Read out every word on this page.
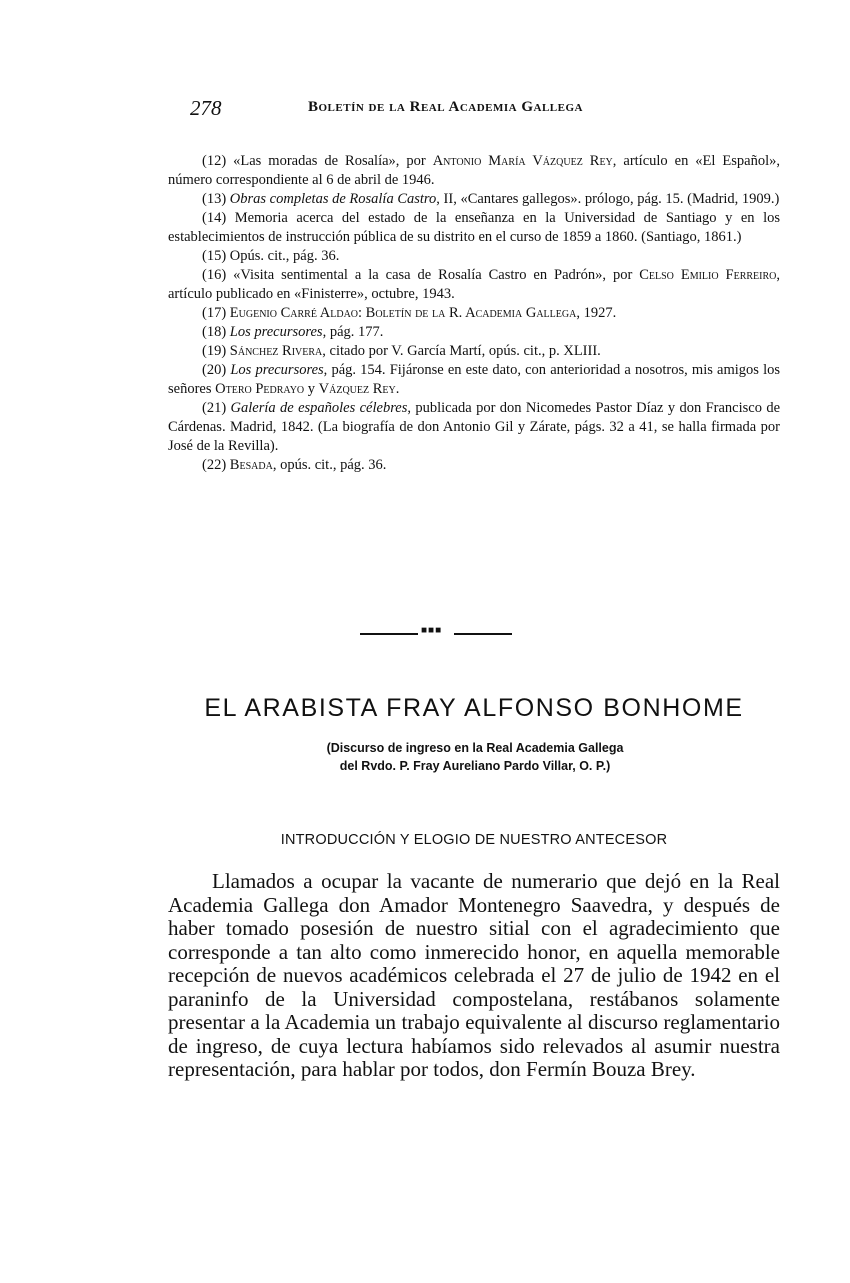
278	Boletín de la Real Academia Gallega

(12) «Las moradas de Rosalía», por Antonio María Vázquez Rey, artículo en «El Español», número correspondiente al 6 de abril de 1946.

(13) Obras completas de Rosalía Castro, II, «Cantares gallegos». prólogo, pág. 15. (Madrid, 1909.)

(14) Memoria acerca del estado de la enseñanza en la Universidad de Santiago y en los establecimientos de instrucción pública de su distrito en el curso de 1859 a 1860. (Santiago, 1861.)

(15) Opús. cit., pág. 36.

(16) «Visita sentimental a la casa de Rosalía Castro en Padrón», por Celso Emilio Ferreiro, artículo publicado en «Finisterre», octubre, 1943.

(17) Eugenio Carré Aldao: Boletín de la R. Academia Gallega, 1927.

(18) Los precursores, pág. 177.

(19) Sánchez Rivera, citado por V. García Martí, opús. cit., p. XLIII.

(20) Los precursores, pág. 154. Fijáronse en este dato, con anterioridad a nosotros, mis amigos los señores Otero Pedrayo y Vázquez Rey.

(21) Galería de españoles célebres, publicada por don Nicomedes Pastor Díaz y don Francisco de Cárdenas. Madrid, 1842. (La biografía de don Antonio Gil y Zárate, págs. 32 a 41, se halla firmada por José de la Revilla).

(22) Besada, opús. cit., pág. 36.

■■■
EL ARABISTA FRAY ALFONSO BONHOME
(Discurso de ingreso en la Real Academia Gallega
del Rvdo. P. Fray Aureliano Pardo Villar, O. P.)
INTRODUCCIÓN Y ELOGIO DE NUESTRO ANTECESOR

Llamados a ocupar la vacante de numerario que dejó en la Real Academia Gallega don Amador Montenegro Saavedra, y después de haber tomado posesión de nuestro sitial con el agradecimiento que corresponde a tan alto como inmerecido honor, en aquella memorable recepción de nuevos académicos celebrada el 27 de julio de 1942 en el paraninfo de la Universidad compostelana, restábanos solamente presentar a la Academia un trabajo equivalente al discurso reglamentario de ingreso, de cuya lectura habíamos sido relevados al asumir nuestra representación, para hablar por todos, don Fermín Bouza Brey.
